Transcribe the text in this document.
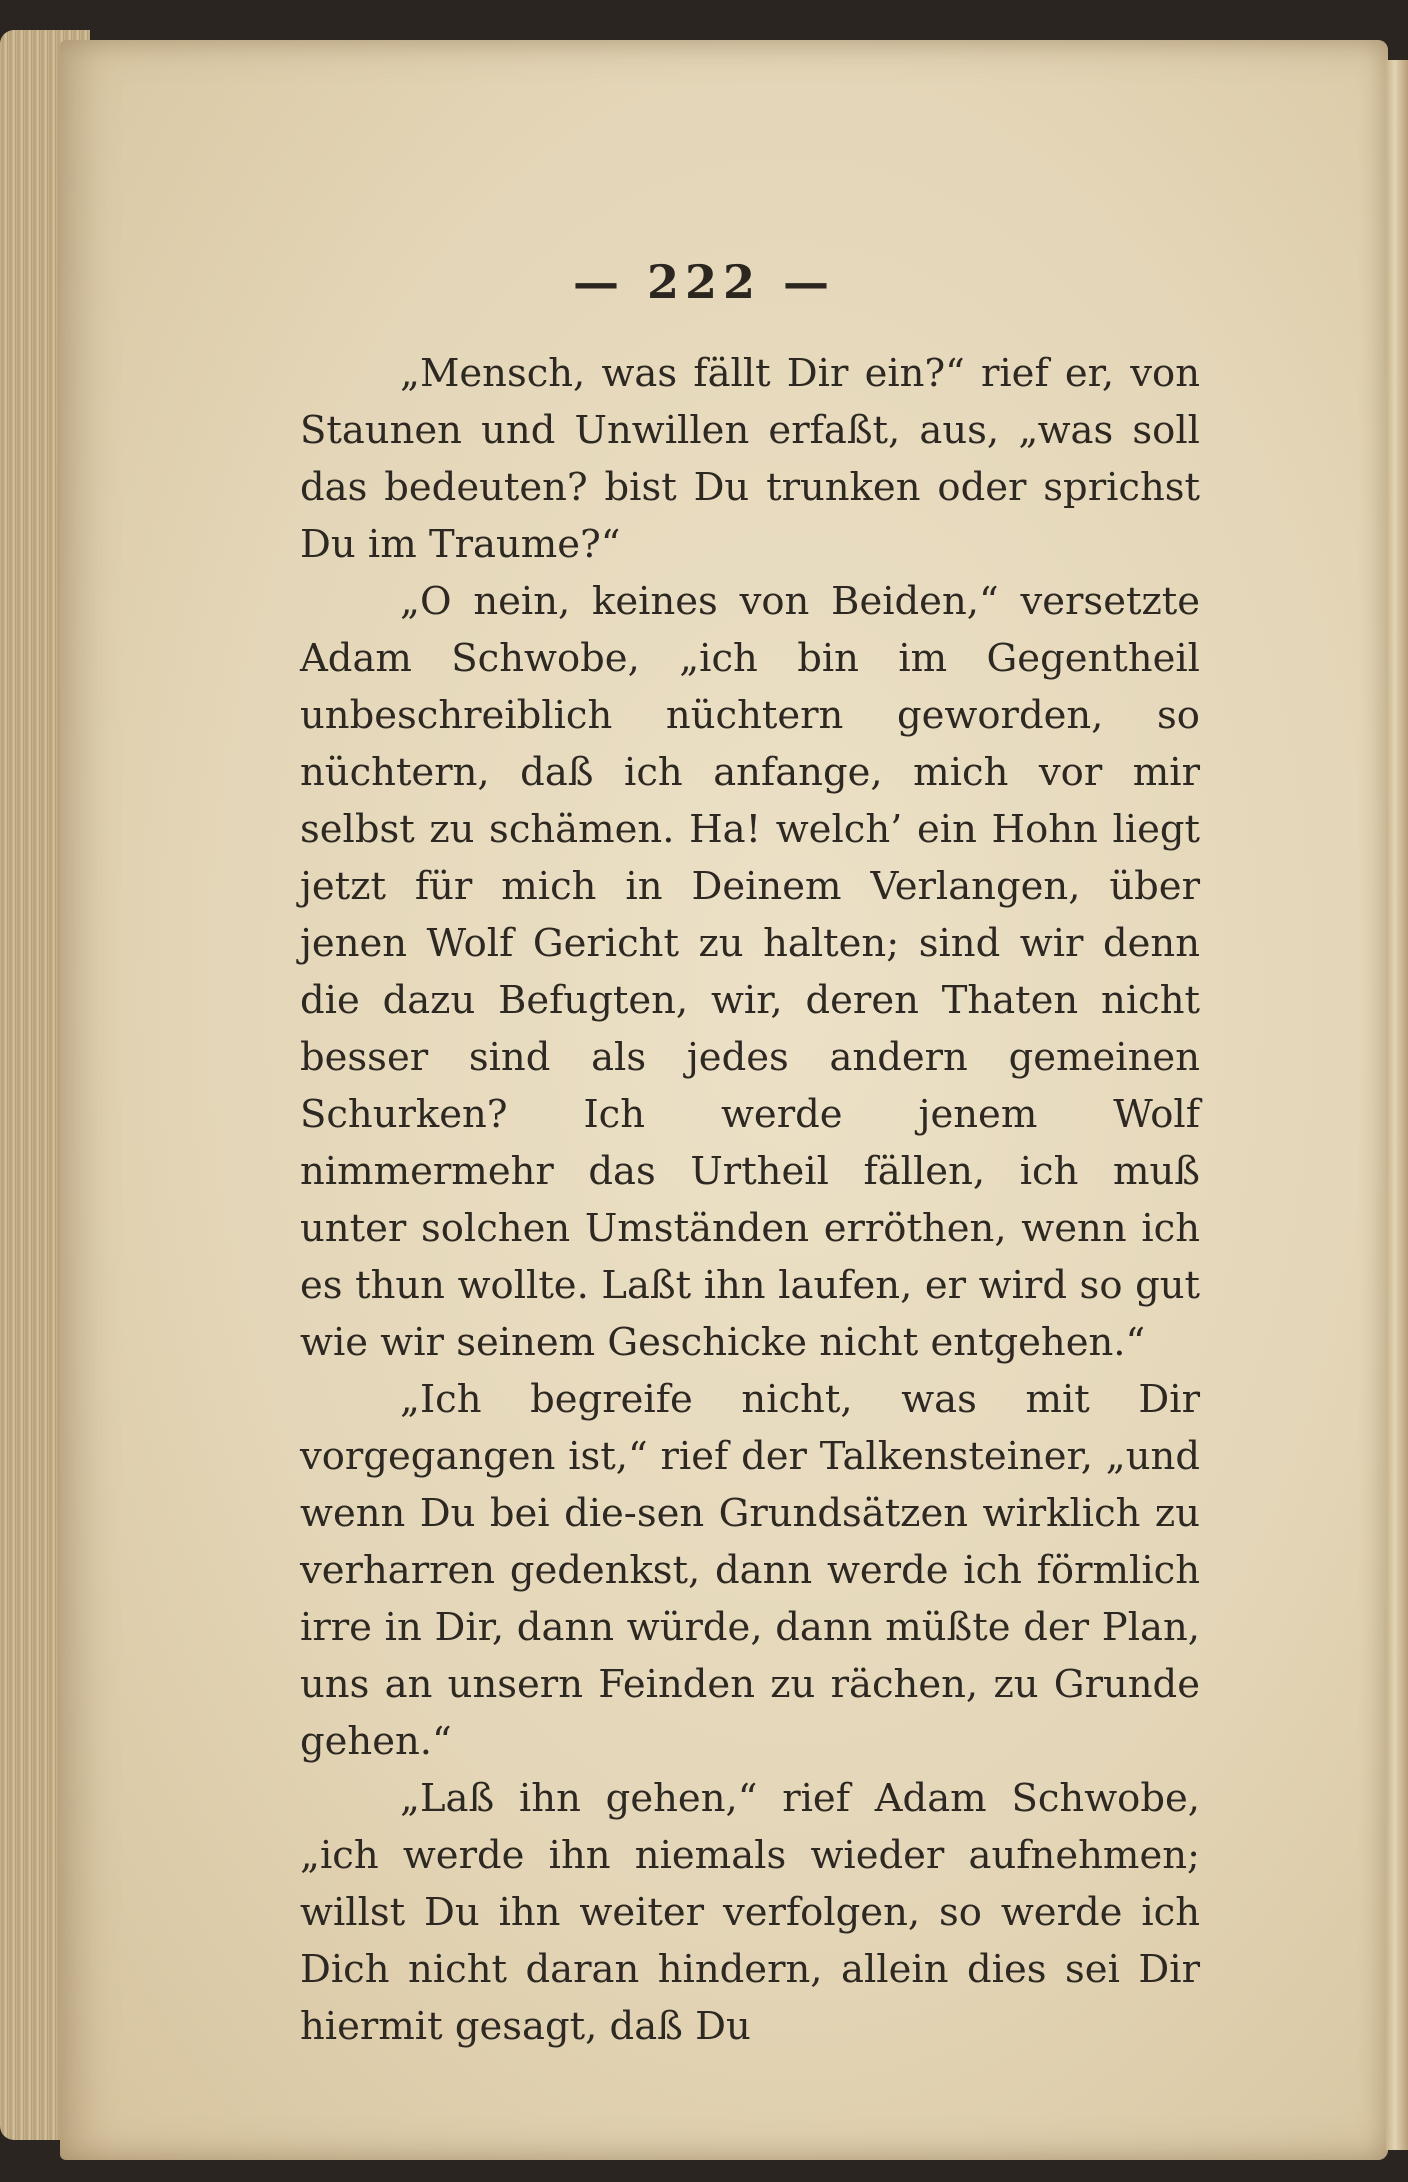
— 222 —

„Mensch, was fällt Dir ein?“ rief er, von Staunen und Unwillen erfaßt, aus, „was soll das bedeuten? bist Du trunken oder sprichst Du im Traume?“

„O nein, keines von Beiden,“ versetzte Adam Schwobe, „ich bin im Gegentheil unbeschreiblich nüchtern geworden, so nüchtern, daß ich anfange, mich vor mir selbst zu schämen. Ha! welch’ ein Hohn liegt jetzt für mich in Deinem Verlangen, über jenen Wolf Gericht zu halten; sind wir denn die dazu Befugten, wir, deren Thaten nicht besser sind als jedes andern gemeinen Schurken? Ich werde jenem Wolf nimmermehr das Urtheil fällen, ich muß unter solchen Umständen erröthen, wenn ich es thun wollte. Laßt ihn laufen, er wird so gut wie wir seinem Geschicke nicht entgehen.“

„Ich begreife nicht, was mit Dir vorgegangen ist,“ rief der Talkensteiner, „und wenn Du bei die-sen Grundsätzen wirklich zu verharren gedenkst, dann werde ich förmlich irre in Dir, dann würde, dann müßte der Plan, uns an unsern Feinden zu rächen, zu Grunde gehen.“

„Laß ihn gehen,“ rief Adam Schwobe, „ich werde ihn niemals wieder aufnehmen; willst Du ihn weiter verfolgen, so werde ich Dich nicht daran hindern, allein dies sei Dir hiermit gesagt, daß Du
